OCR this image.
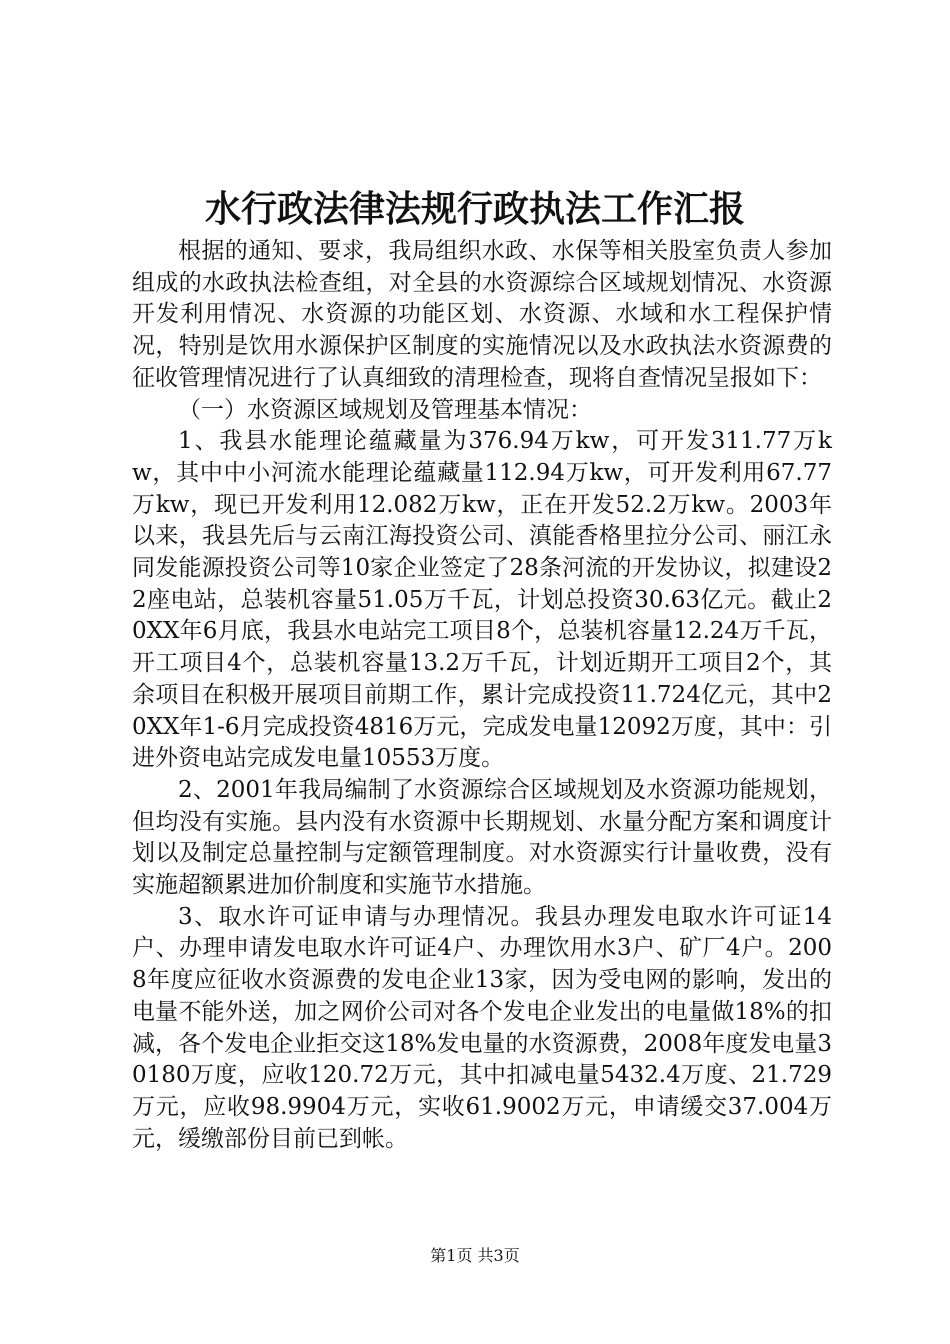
水行政法律法规行政执法工作汇报

根据的通知、要求，我局组织水政、水保等相关股室负责人参加组成的水政执法检查组，对全县的水资源综合区域规划情况、水资源开发利用情况、水资源的功能区划、水资源、水域和水工程保护情况，特别是饮用水源保护区制度的实施情况以及水政执法水资源费的征收管理情况进行了认真细致的清理检查，现将自查情况呈报如下：

（一）水资源区域规划及管理基本情况：

1、我县水能理论蕴藏量为376.94万kw，可开发311.77万kw，其中中小河流水能理论蕴藏量112.94万kw，可开发利用67.77万kw，现已开发利用12.082万kw，正在开发52.2万kw。2003年以来，我县先后与云南江海投资公司、滇能香格里拉分公司、丽江永同发能源投资公司等10家企业签定了28条河流的开发协议，拟建设22座电站，总装机容量51.05万千瓦，计划总投资30.63亿元。截止20XX年6月底，我县水电站完工项目8个，总装机容量12.24万千瓦，开工项目4个，总装机容量13.2万千瓦，计划近期开工项目2个，其余项目在积极开展项目前期工作，累计完成投资11.724亿元，其中20XX年1-6月完成投资4816万元，完成发电量12092万度，其中：引进外资电站完成发电量10553万度。

2、2001年我局编制了水资源综合区域规划及水资源功能规划，但均没有实施。县内没有水资源中长期规划、水量分配方案和调度计划以及制定总量控制与定额管理制度。对水资源实行计量收费，没有实施超额累进加价制度和实施节水措施。

3、取水许可证申请与办理情况。我县办理发电取水许可证14户、办理申请发电取水许可证4户、办理饮用水3户、矿厂4户。2008年度应征收水资源费的发电企业13家，因为受电网的影响，发出的电量不能外送，加之网价公司对各个发电企业发出的电量做18%的扣减，各个发电企业拒交这18%发电量的水资源费，2008年度发电量30180万度，应收120.72万元，其中扣减电量5432.4万度、21.729万元，应收98.9904万元，实收61.9002万元，申请缓交37.004万元，缓缴部份目前已到帐。

第1页 共3页
